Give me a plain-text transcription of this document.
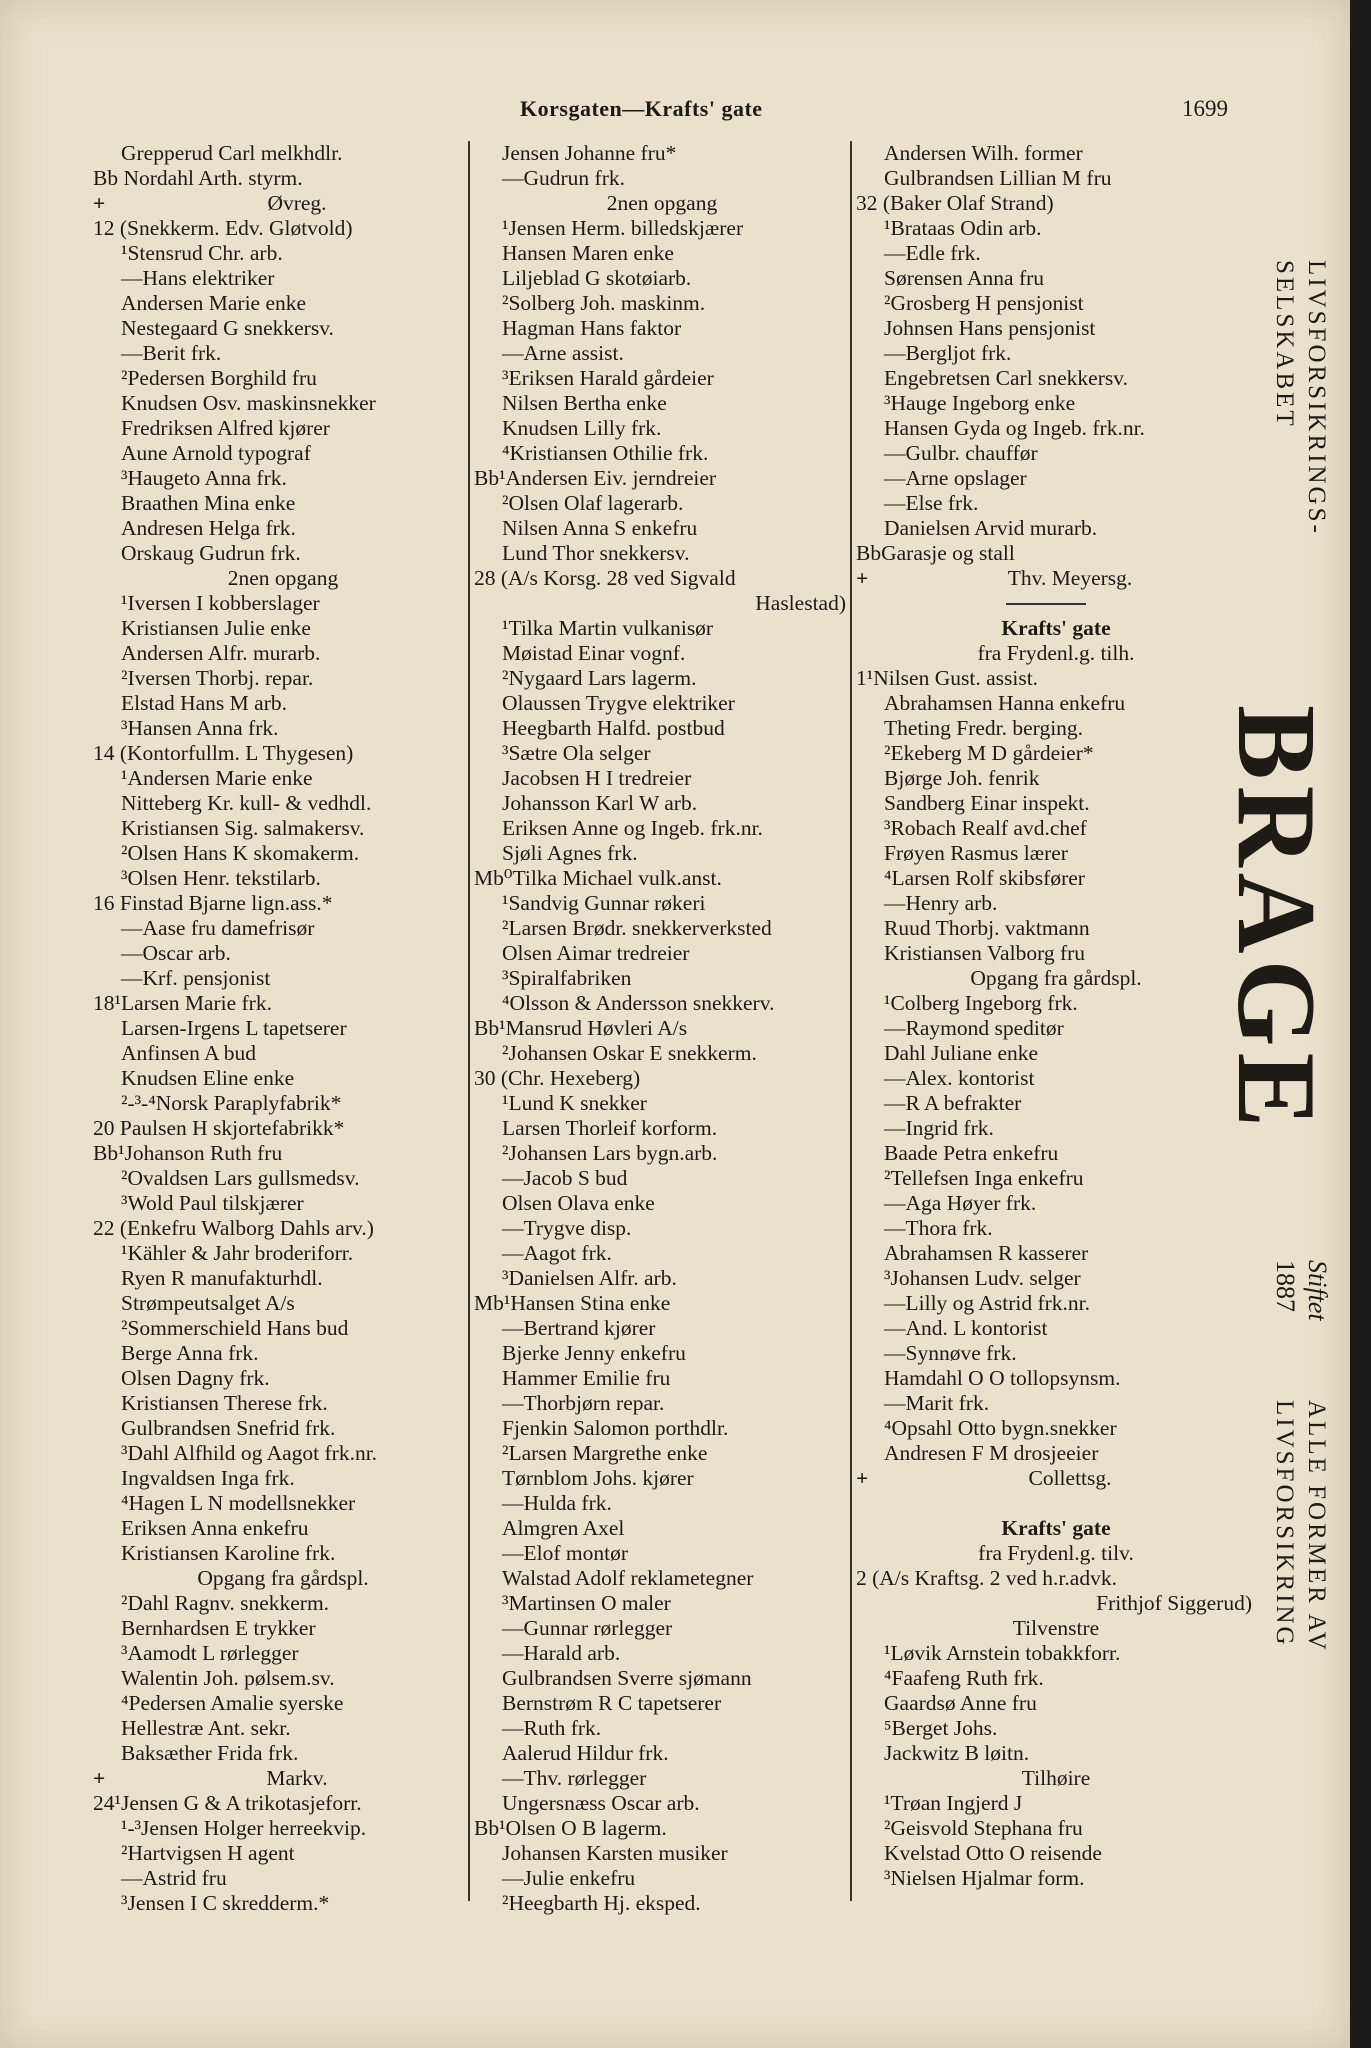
Korsgaten—Krafts' gate	1699
Grepperud Carl melkhdlr.
Bb Nordahl Arth. styrm.
+	Øvreg.
12 (Snekkerm. Edv. Gløtvold)
¹Stensrud Chr. arb.
—Hans elektriker
Andersen Marie enke
Nestegaard G snekkersv.
—Berit frk.
²Pedersen Borghild fru
Knudsen Osv. maskinsnekker
Fredriksen Alfred kjører
Aune Arnold typograf
³Haugeto Anna frk.
Braathen Mina enke
Andresen Helga frk.
Orskaug Gudrun frk.
2nen opgang
¹Iversen I kobberslager
Kristiansen Julie enke
Andersen Alfr. murarb.
²Iversen Thorbj. repar.
Elstad Hans M arb.
³Hansen Anna frk.
14 (Kontorfullm. L Thygesen)
¹Andersen Marie enke
Nitteberg Kr. kull- & vedhdl.
Kristiansen Sig. salmakersv.
²Olsen Hans K skomakerm.
³Olsen Henr. tekstilarb.
16 Finstad Bjarne lign.ass.*
—Aase fru damefrisør
—Oscar arb.
—Krf. pensjonist
18¹Larsen Marie frk.
Larsen-Irgens L tapetserer
Anfinsen A bud
Knudsen Eline enke
²-³-⁴Norsk Paraplyfabrik*
20 Paulsen H skjortefabrikk*
Bb¹Johanson Ruth fru
²Ovaldsen Lars gullsmedsv.
³Wold Paul tilskjærer
22 (Enkefru Walborg Dahls arv.)
¹Kähler & Jahr broderiforr.
Ryen R manufakturhdl.
Strømpeutsalget A/s
²Sommerschield Hans bud
Berge Anna frk.
Olsen Dagny frk.
Kristiansen Therese frk.
Gulbrandsen Snefrid frk.
³Dahl Alfhild og Aagot frk.nr.
Ingvaldsen Inga frk.
⁴Hagen L N modellsnekker
Eriksen Anna enkefru
Kristiansen Karoline frk.
Opgang fra gårdspl.
²Dahl Ragnv. snekkerm.
Bernhardsen E trykker
³Aamodt L rørlegger
Walentin Joh. pølsem.sv.
⁴Pedersen Amalie syerske
Hellestræ Ant. sekr.
Baksæther Frida frk.
+	Markv.
24¹Jensen G & A trikotasjeforr.
¹-³Jensen Holger herreekvip.
²Hartvigsen H agent
—Astrid fru
³Jensen I C skredderm.*
Jensen Johanne fru*
—Gudrun frk.
2nen opgang
¹Jensen Herm. billedskjærer
Hansen Maren enke
Liljeblad G skotøiarb.
²Solberg Joh. maskinm.
Hagman Hans faktor
—Arne assist.
³Eriksen Harald gårdeier
Nilsen Bertha enke
Knudsen Lilly frk.
⁴Kristiansen Othilie frk.
Bb¹Andersen Eiv. jerndreier
²Olsen Olaf lagerarb.
Nilsen Anna S enkefru
Lund Thor snekkersv.
28 (A/s Korsg. 28 ved Sigvald
Haslestad)
¹Tilka Martin vulkanisør
Møistad Einar vognf.
²Nygaard Lars lagerm.
Olaussen Trygve elektriker
Heegbarth Halfd. postbud
³Sætre Ola selger
Jacobsen H I tredreier
Johansson Karl W arb.
Eriksen Anne og Ingeb. frk.nr.
Sjøli Agnes frk.
Mb⁰Tilka Michael vulk.anst.
¹Sandvig Gunnar røkeri
²Larsen Brødr. snekkerverksted
Olsen Aimar tredreier
³Spiralfabriken
⁴Olsson & Andersson snekkerv.
Bb¹Mansrud Høvleri A/s
²Johansen Oskar E snekkerm.
30 (Chr. Hexeberg)
¹Lund K snekker
Larsen Thorleif korform.
²Johansen Lars bygn.arb.
—Jacob S bud
Olsen Olava enke
—Trygve disp.
—Aagot frk.
³Danielsen Alfr. arb.
Mb¹Hansen Stina enke
—Bertrand kjører
Bjerke Jenny enkefru
Hammer Emilie fru
—Thorbjørn repar.
Fjenkin Salomon porthdlr.
²Larsen Margrethe enke
Tørnblom Johs. kjører
—Hulda frk.
Almgren Axel
—Elof montør
Walstad Adolf reklametegner
³Martinsen O maler
—Gunnar rørlegger
—Harald arb.
Gulbrandsen Sverre sjømann
Bernstrøm R C tapetserer
—Ruth frk.
Aalerud Hildur frk.
—Thv. rørlegger
Ungersnæss Oscar arb.
Bb¹Olsen O B lagerm.
Johansen Karsten musiker
—Julie enkefru
²Heegbarth Hj. eksped.
Andersen Wilh. former
Gulbrandsen Lillian M fru
32 (Baker Olaf Strand)
¹Brataas Odin arb.
—Edle frk.
Sørensen Anna fru
²Grosberg H pensjonist
Johnsen Hans pensjonist
—Bergljot frk.
Engebretsen Carl snekkersv.
³Hauge Ingeborg enke
Hansen Gyda og Ingeb. frk.nr.
—Gulbr. chauffør
—Arne opslager
—Else frk.
Danielsen Arvid murarb.
BbGarasje og stall
+	Thv. Meyersg.
Krafts' gate
fra Frydenl.g. tilh.
1¹Nilsen Gust. assist.
Abrahamsen Hanna enkefru
Theting Fredr. berging.
²Ekeberg M D gårdeier*
Bjørge Joh. fenrik
Sandberg Einar inspekt.
³Robach Realf avd.chef
Frøyen Rasmus lærer
⁴Larsen Rolf skibsfører
—Henry arb.
Ruud Thorbj. vaktmann
Kristiansen Valborg fru
Opgang fra gårdspl.
¹Colberg Ingeborg frk.
—Raymond speditør
Dahl Juliane enke
—Alex. kontorist
—R A befrakter
—Ingrid frk.
Baade Petra enkefru
²Tellefsen Inga enkefru
—Aga Høyer frk.
—Thora frk.
Abrahamsen R kasserer
³Johansen Ludv. selger
—Lilly og Astrid frk.nr.
—And. L kontorist
—Synnøve frk.
Hamdahl O O tollopsynsm.
—Marit frk.
⁴Opsahl Otto bygn.snekker
Andresen F M drosjeeier
+	Collettsg.
Krafts' gate
fra Frydenl.g. tilv.
2 (A/s Kraftsg. 2 ved h.r.advk.
Frithjof Siggerud)
Tilvenstre
¹Løvik Arnstein tobakkforr.
⁴Faafeng Ruth frk.
Gaardsø Anne fru
⁵Berget Johs.
Jackwitz B løitn.
Tilhøire
¹Trøan Ingjerd J
²Geisvold Stephana fru
Kvelstad Otto O reisende
³Nielsen Hjalmar form.
LIVSFORSIKRINGS-
SELSKABET
BRAGE
Stiftet
1887
ALLE FORMER AV
LIVSFORSIKRING
